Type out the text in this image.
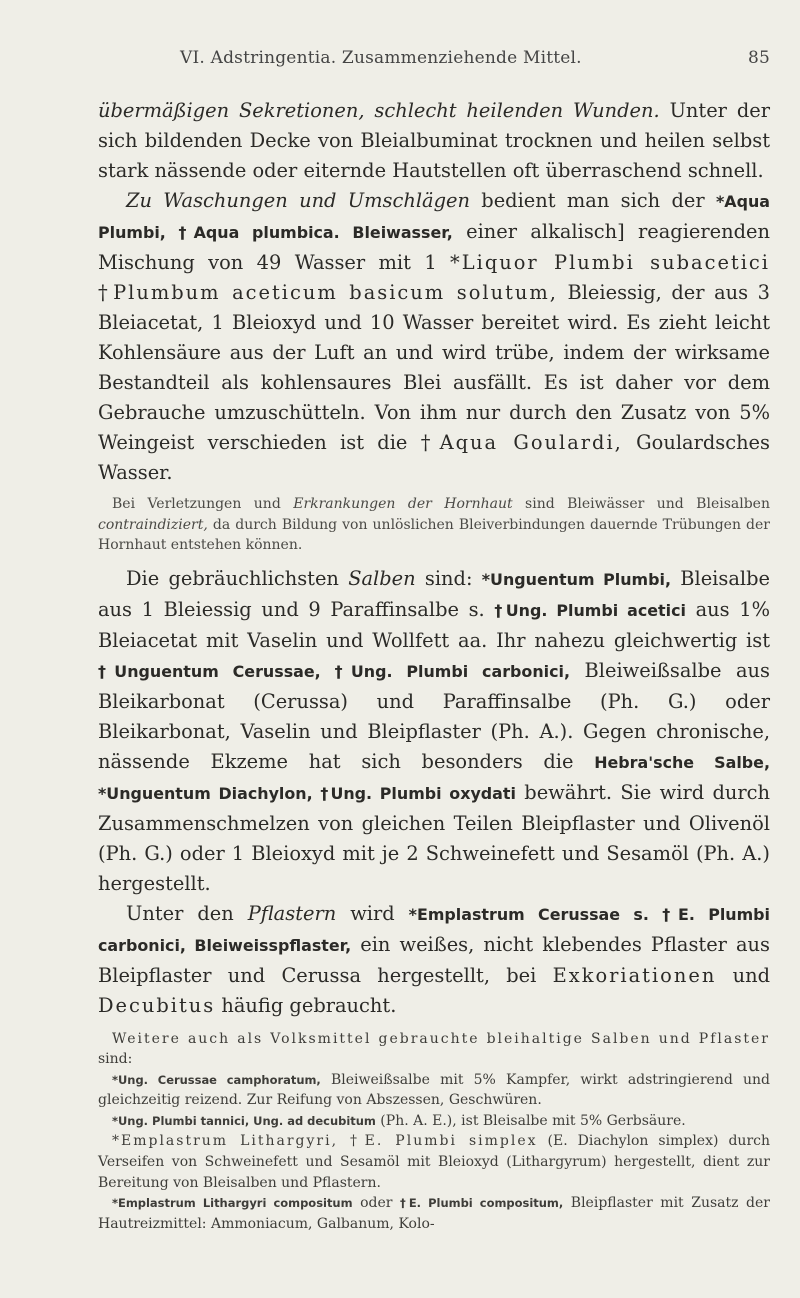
VI. Adstringentia. Zusammenziehende Mittel.	85

übermäßigen Sekretionen, schlecht heilenden Wunden. Unter der sich bildenden Decke von Bleialbuminat trocknen und heilen selbst stark nässende oder eiternde Hautstellen oft überraschend schnell.

Zu Waschungen und Umschlägen bedient man sich der *Aqua Plumbi, †Aqua plumbica. Bleiwasser, einer alkalisch] reagierenden Mischung von 49 Wasser mit 1 *Liquor Plumbi subacetici †Plumbum aceticum basicum solutum, Bleiessig, der aus 3 Bleiacetat, 1 Bleioxyd und 10 Wasser bereitet wird. Es zieht leicht Kohlensäure aus der Luft an und wird trübe, indem der wirksame Bestandteil als kohlensaures Blei ausfällt. Es ist daher vor dem Gebrauche umzuschütteln. Von ihm nur durch den Zusatz von 5% Weingeist verschieden ist die †Aqua Goulardi, Goulardsches Wasser.

Bei Verletzungen und Erkrankungen der Hornhaut sind Bleiwässer und Bleisalben contraindiziert, da durch Bildung von unlöslichen Bleiverbindungen dauernde Trübungen der Hornhaut entstehen können.

Die gebräuchlichsten Salben sind: *Unguentum Plumbi, Bleisalbe aus 1 Bleiessig und 9 Paraffinsalbe s. †Ung. Plumbi acetici aus 1% Bleiacetat mit Vaselin und Wollfett aa. Ihr nahezu gleichwertig ist †Unguentum Cerussae, †Ung. Plumbi carbonici, Bleiweißsalbe aus Bleikarbonat (Cerussa) und Paraffinsalbe (Ph. G.) oder Bleikarbonat, Vaselin und Bleipflaster (Ph. A.). Gegen chronische, nässende Ekzeme hat sich besonders die Hebra'sche Salbe, *Unguentum Diachylon, †Ung. Plumbi oxydati bewährt. Sie wird durch Zusammenschmelzen von gleichen Teilen Bleipflaster und Olivenöl (Ph. G.) oder 1 Bleioxyd mit je 2 Schweinefett und Sesamöl (Ph. A.) hergestellt.

Unter den Pflastern wird *Emplastrum Cerussae s. †E. Plumbi carbonici, Bleiweisspflaster, ein weißes, nicht klebendes Pflaster aus Bleipflaster und Cerussa hergestellt, bei Exkoriationen und Decubitus häufig gebraucht.

Weitere auch als Volksmittel gebrauchte bleihaltige Salben und Pflaster sind:

*Ung. Cerussae camphoratum, Bleiweißsalbe mit 5% Kampfer, wirkt adstringierend und gleichzeitig reizend. Zur Reifung von Abszessen, Geschwüren.

*Ung. Plumbi tannici, Ung. ad decubitum (Ph. A. E.), ist Bleisalbe mit 5% Gerbsäure.

*Emplastrum Lithargyri, †E. Plumbi simplex (E. Diachylon simplex) durch Verseifen von Schweinefett und Sesamöl mit Bleioxyd (Lithargyrum) hergestellt, dient zur Bereitung von Bleisalben und Pflastern.

*Emplastrum Lithargyri compositum oder †E. Plumbi compositum, Bleipflaster mit Zusatz der Hautreizmittel: Ammoniacum, Galbanum, Kolo-
